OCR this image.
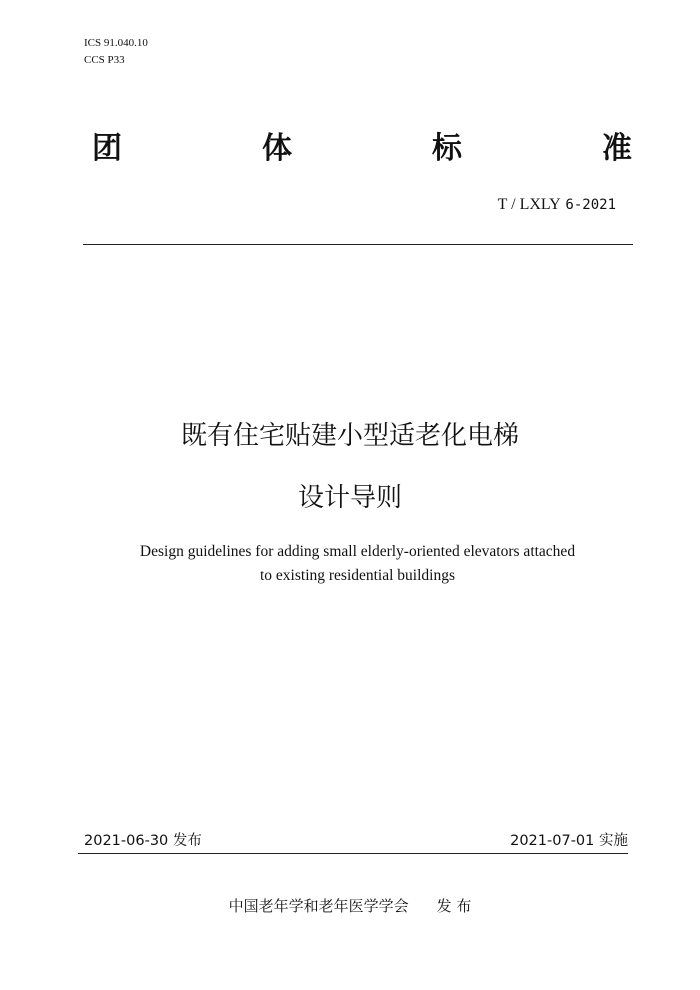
ICS 91.040.10
CCS P33
团	体	标	准
T / LXLY 6-2021
既有住宅贴建小型适老化电梯
设计导则
Design guidelines for adding small elderly-oriented elevators attached
to existing residential buildings
2021-06-30 发布	2021-07-01 实施
中国老年学和老年医学学会 发 布
